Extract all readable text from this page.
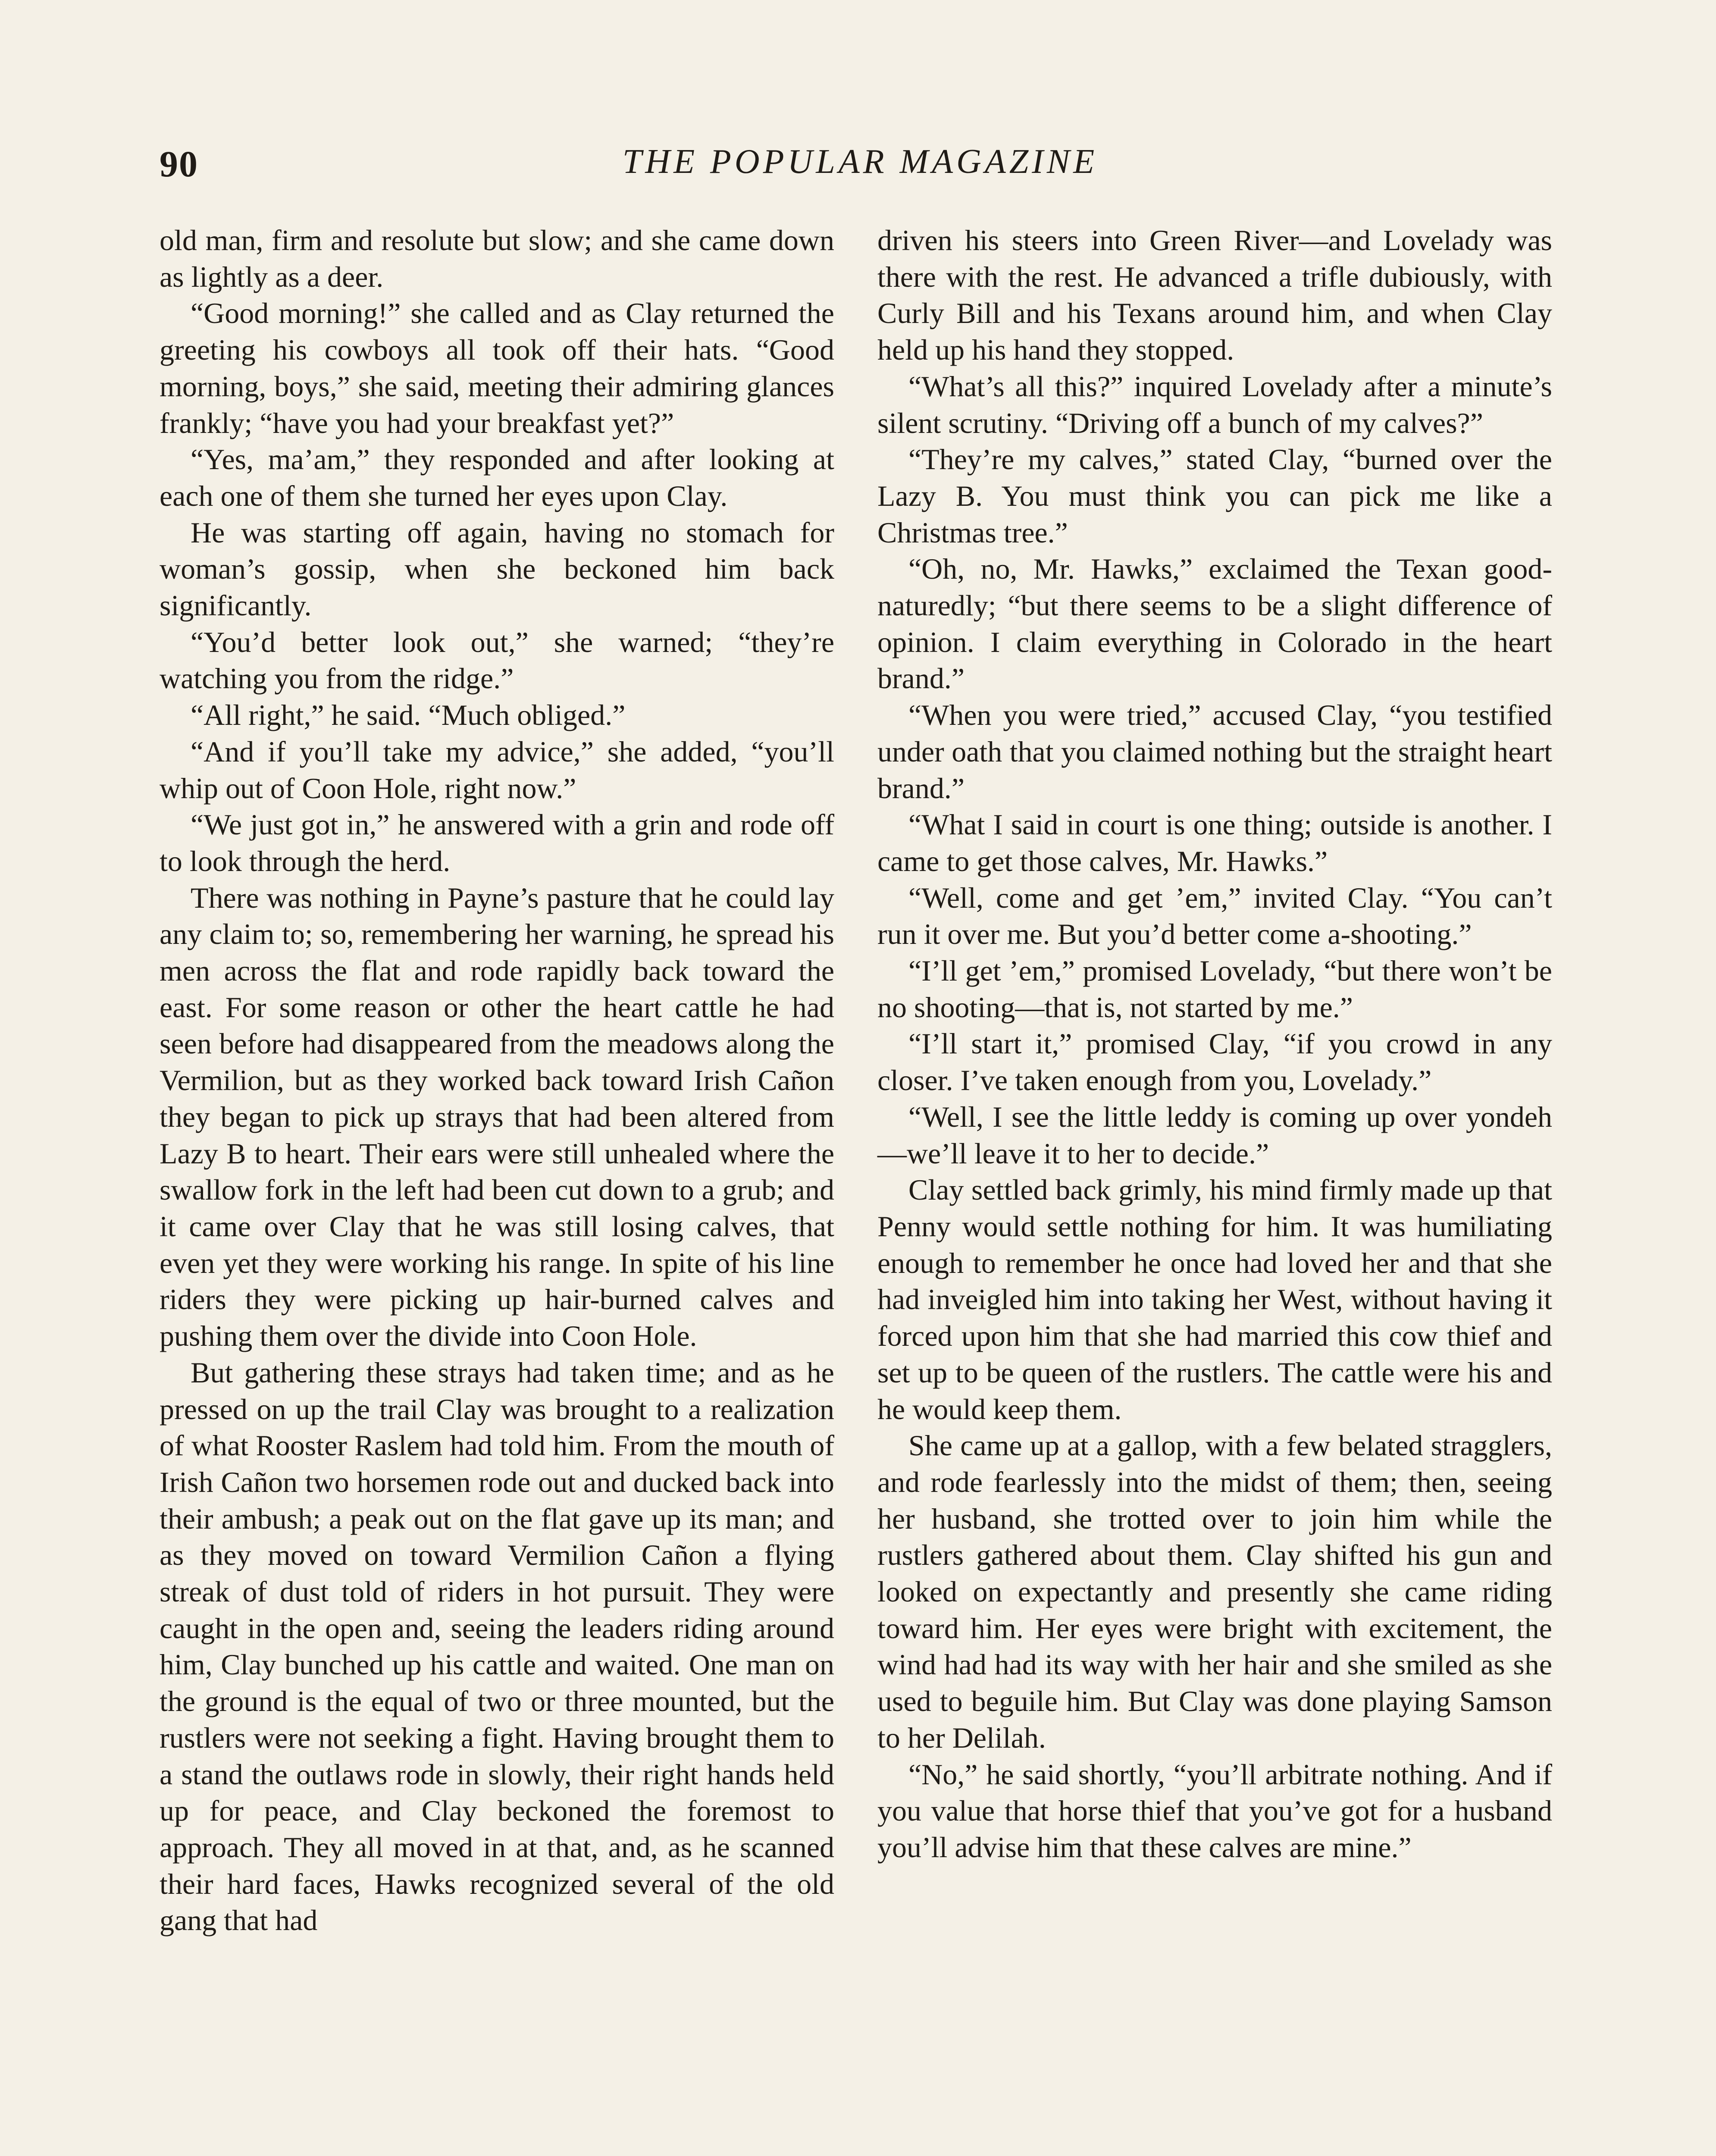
90	THE POPULAR MAGAZINE

old man, firm and resolute but slow; and she came down as lightly as a deer.

“Good morning!” she called and as Clay returned the greeting his cowboys all took off their hats. “Good morning, boys,” she said, meeting their admiring glances frankly; “have you had your breakfast yet?”

“Yes, ma’am,” they responded and after looking at each one of them she turned her eyes upon Clay.

He was starting off again, having no stomach for woman’s gossip, when she beckoned him back significantly.

“You’d better look out,” she warned; “they’re watching you from the ridge.”

“All right,” he said. “Much obliged.”

“And if you’ll take my advice,” she added, “you’ll whip out of Coon Hole, right now.”

“We just got in,” he answered with a grin and rode off to look through the herd.

There was nothing in Payne’s pasture that he could lay any claim to; so, remembering her warning, he spread his men across the flat and rode rapidly back toward the east. For some reason or other the heart cattle he had seen before had disappeared from the meadows along the Vermilion, but as they worked back toward Irish Cañon they began to pick up strays that had been altered from Lazy B to heart. Their ears were still unhealed where the swallow fork in the left had been cut down to a grub; and it came over Clay that he was still losing calves, that even yet they were working his range. In spite of his line riders they were picking up hair-burned calves and pushing them over the divide into Coon Hole.

But gathering these strays had taken time; and as he pressed on up the trail Clay was brought to a realization of what Rooster Raslem had told him. From the mouth of Irish Cañon two horsemen rode out and ducked back into their ambush; a peak out on the flat gave up its man; and as they moved on toward Vermilion Cañon a flying streak of dust told of riders in hot pursuit. They were caught in the open and, seeing the leaders riding around him, Clay bunched up his cattle and waited. One man on the ground is the equal of two or three mounted, but the rustlers were not seeking a fight. Having brought them to a stand the outlaws rode in slowly, their right hands held up for peace, and Clay beckoned the foremost to approach. They all moved in at that, and, as he scanned their hard faces, Hawks recognized several of the old gang that had

driven his steers into Green River—and Lovelady was there with the rest. He advanced a trifle dubiously, with Curly Bill and his Texans around him, and when Clay held up his hand they stopped.

“What’s all this?” inquired Lovelady after a minute’s silent scrutiny. “Driving off a bunch of my calves?”

“They’re my calves,” stated Clay, “burned over the Lazy B. You must think you can pick me like a Christmas tree.”

“Oh, no, Mr. Hawks,” exclaimed the Texan good-naturedly; “but there seems to be a slight difference of opinion. I claim everything in Colorado in the heart brand.”

“When you were tried,” accused Clay, “you testified under oath that you claimed nothing but the straight heart brand.”

“What I said in court is one thing; outside is another. I came to get those calves, Mr. Hawks.”

“Well, come and get ’em,” invited Clay. “You can’t run it over me. But you’d better come a-shooting.”

“I’ll get ’em,” promised Lovelady, “but there won’t be no shooting—that is, not started by me.”

“I’ll start it,” promised Clay, “if you crowd in any closer. I’ve taken enough from you, Lovelady.”

“Well, I see the little leddy is coming up over yondeh—we’ll leave it to her to decide.”

Clay settled back grimly, his mind firmly made up that Penny would settle nothing for him. It was humiliating enough to remember he once had loved her and that she had inveigled him into taking her West, without having it forced upon him that she had married this cow thief and set up to be queen of the rustlers. The cattle were his and he would keep them.

She came up at a gallop, with a few belated stragglers, and rode fearlessly into the midst of them; then, seeing her husband, she trotted over to join him while the rustlers gathered about them. Clay shifted his gun and looked on expectantly and presently she came riding toward him. Her eyes were bright with excitement, the wind had had its way with her hair and she smiled as she used to beguile him. But Clay was done playing Samson to her Delilah.

“No,” he said shortly, “you’ll arbitrate nothing. And if you value that horse thief that you’ve got for a husband you’ll advise him that these calves are mine.”
